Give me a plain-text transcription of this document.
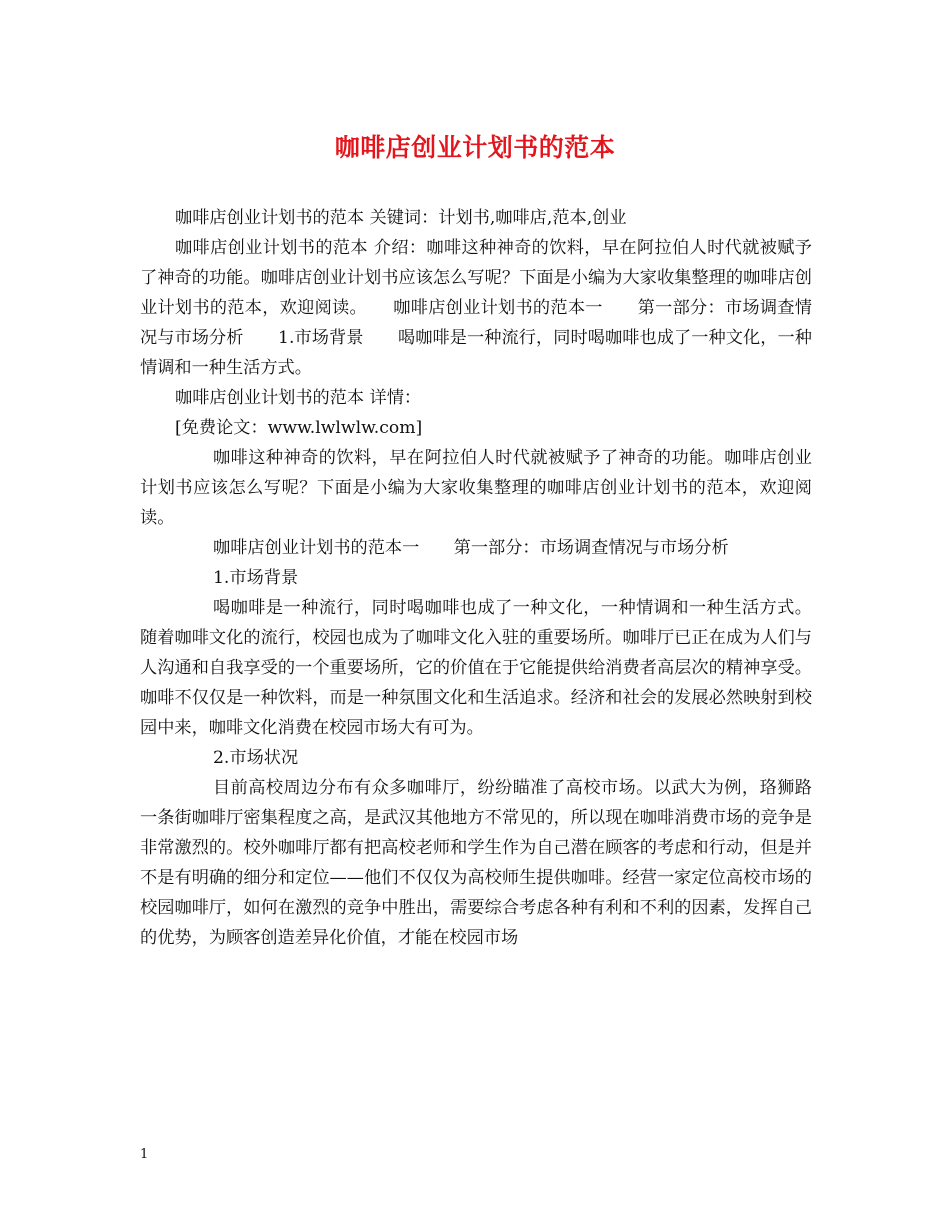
咖啡店创业计划书的范本

咖啡店创业计划书的范本 关键词：计划书,咖啡店,范本,创业

咖啡店创业计划书的范本 介绍：咖啡这种神奇的饮料，早在阿拉伯人时代就被赋予了神奇的功能。咖啡店创业计划书应该怎么写呢？下面是小编为大家收集整理的咖啡店创业计划书的范本，欢迎阅读。　　咖啡店创业计划书的范本一　　第一部分：市场调查情况与市场分析　　1.市场背景　　喝咖啡是一种流行，同时喝咖啡也成了一种文化，一种情调和一种生活方式。

咖啡店创业计划书的范本 详情：

[免费论文：www.lwlwlw.com]

咖啡这种神奇的饮料，早在阿拉伯人时代就被赋予了神奇的功能。咖啡店创业计划书应该怎么写呢？下面是小编为大家收集整理的咖啡店创业计划书的范本，欢迎阅读。

咖啡店创业计划书的范本一　　第一部分：市场调查情况与市场分析

1.市场背景

喝咖啡是一种流行，同时喝咖啡也成了一种文化，一种情调和一种生活方式。随着咖啡文化的流行，校园也成为了咖啡文化入驻的重要场所。咖啡厅已正在成为人们与人沟通和自我享受的一个重要场所，它的价值在于它能提供给消费者高层次的精神享受。咖啡不仅仅是一种饮料，而是一种氛围文化和生活追求。经济和社会的发展必然映射到校园中来，咖啡文化消费在校园市场大有可为。

2.市场状况

目前高校周边分布有众多咖啡厅，纷纷瞄准了高校市场。以武大为例，珞狮路一条街咖啡厅密集程度之高，是武汉其他地方不常见的，所以现在咖啡消费市场的竞争是非常激烈的。校外咖啡厅都有把高校老师和学生作为自己潜在顾客的考虑和行动，但是并不是有明确的细分和定位——他们不仅仅为高校师生提供咖啡。经营一家定位高校市场的校园咖啡厅，如何在激烈的竞争中胜出，需要综合考虑各种有利和不利的因素，发挥自己的优势，为顾客创造差异化价值，才能在校园市场

1
